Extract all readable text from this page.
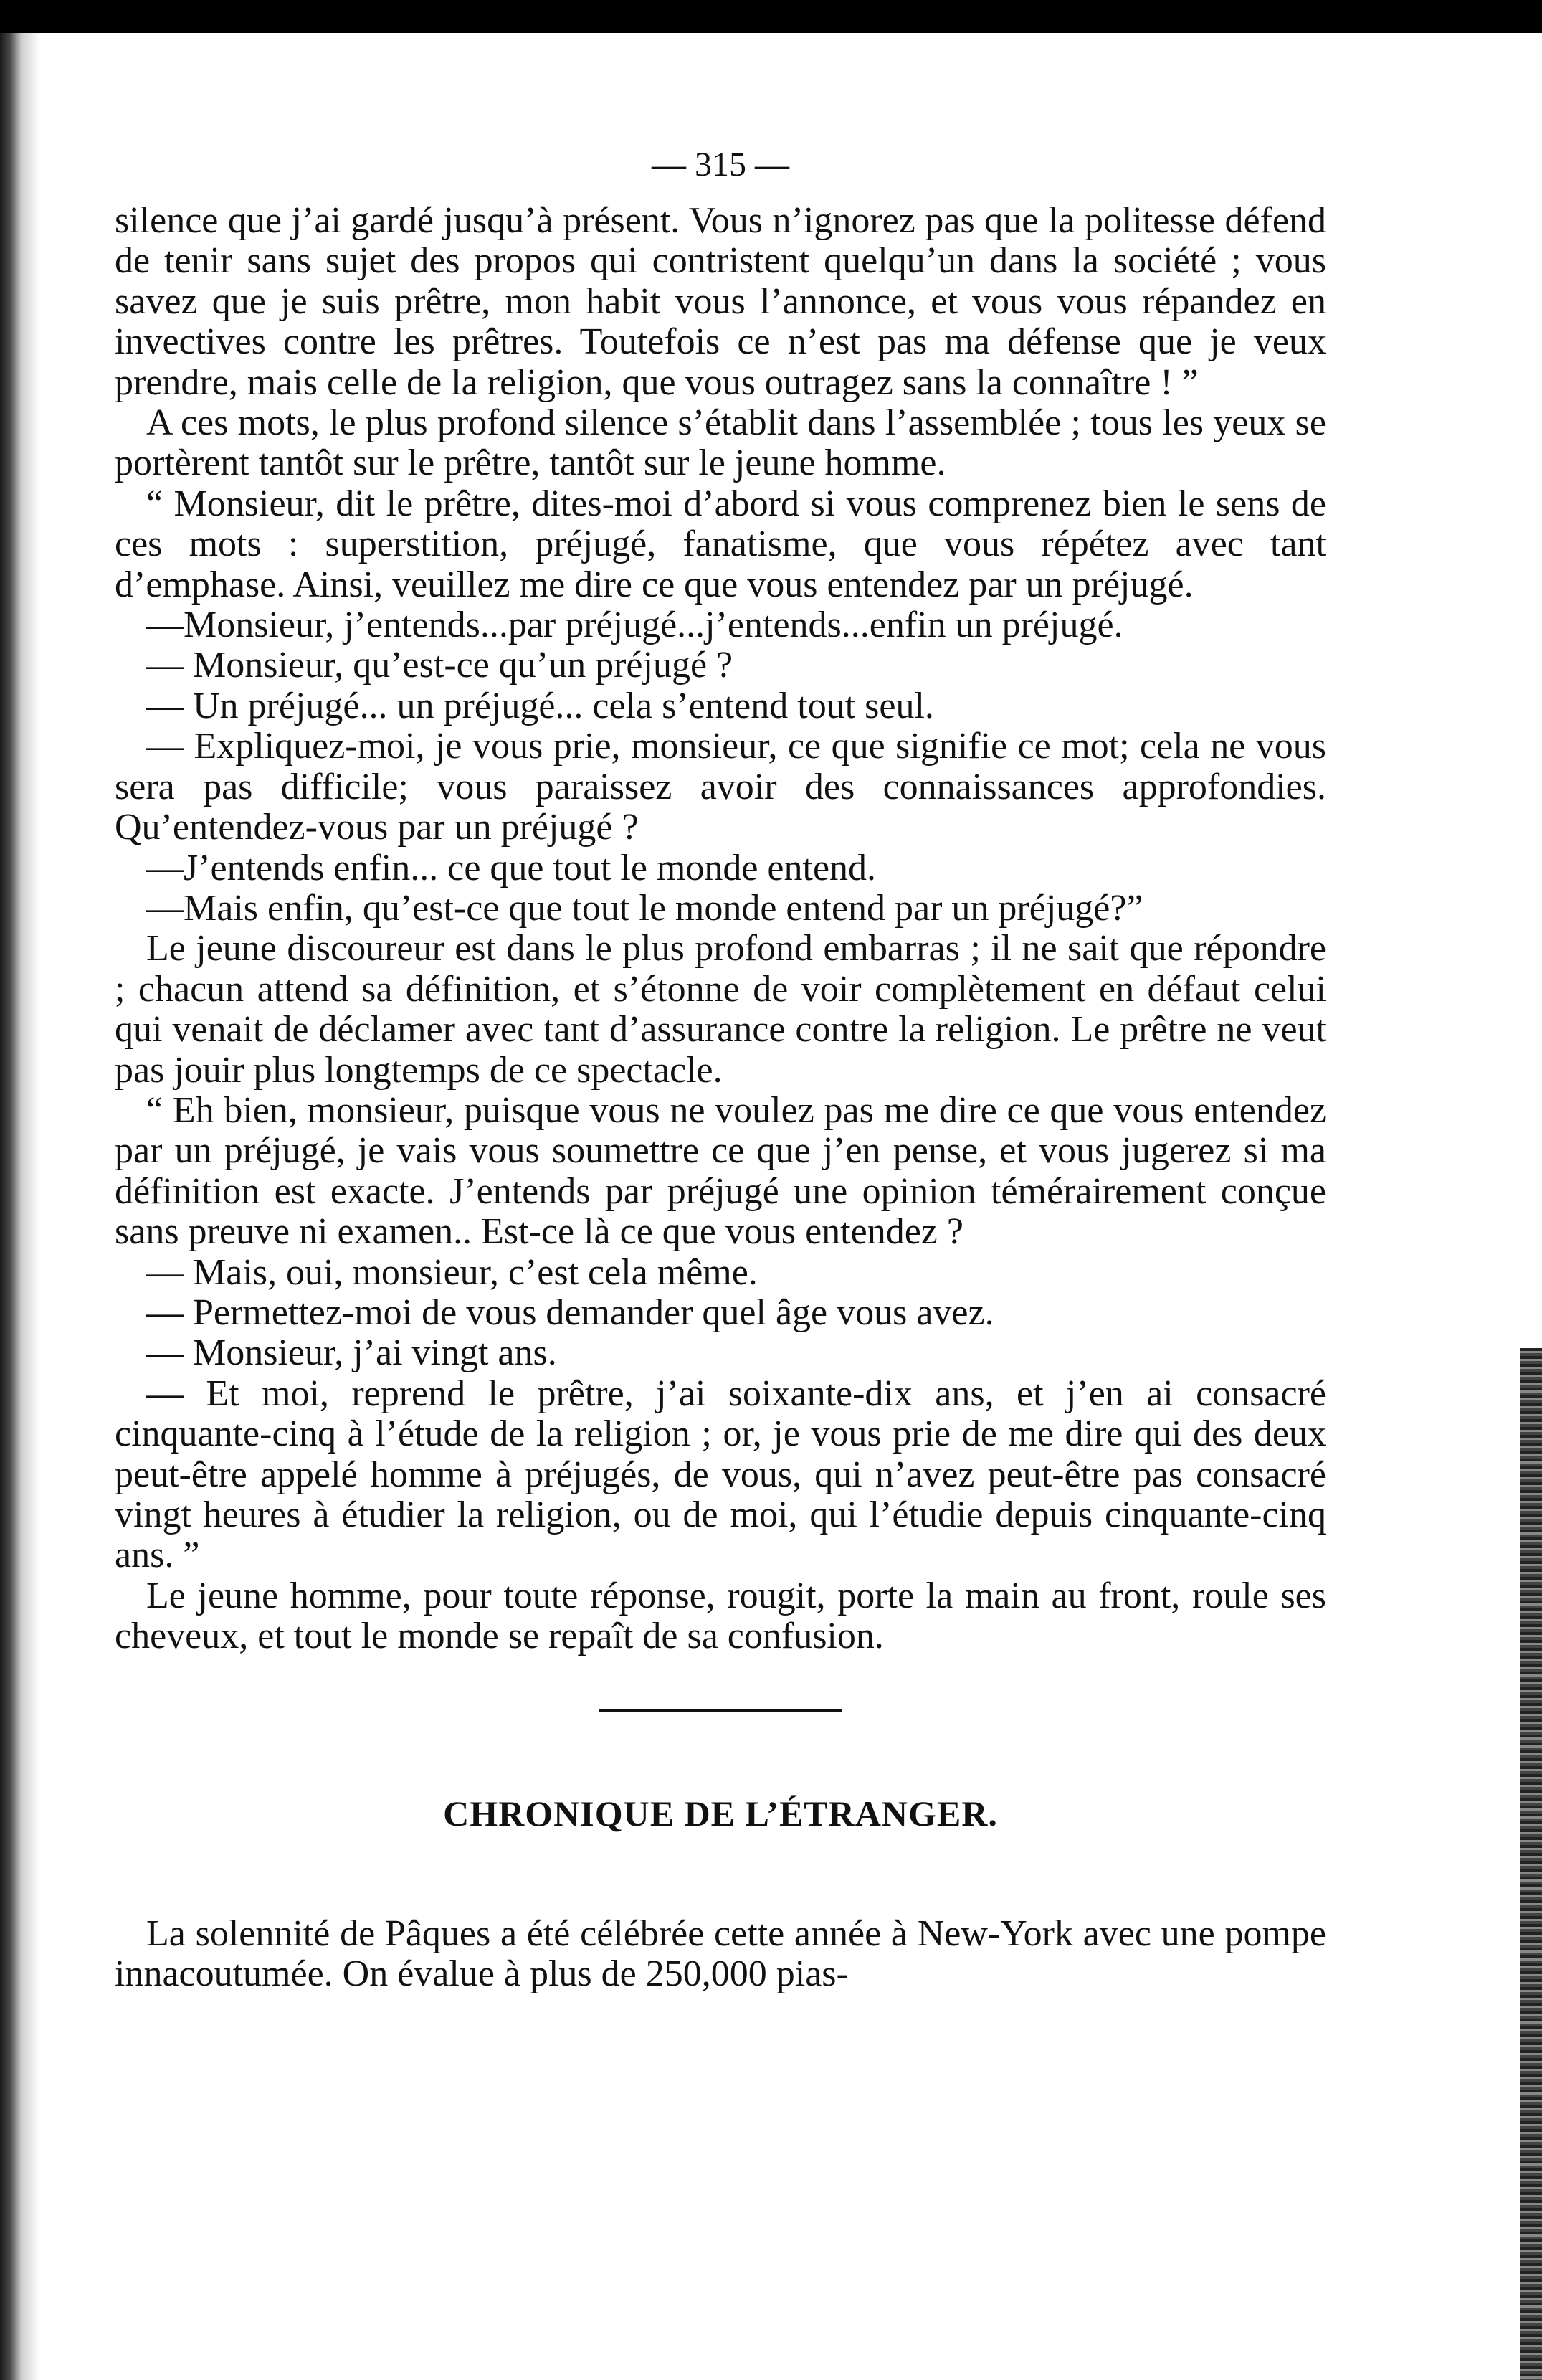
— 315 —

silence que j’ai gardé jusqu’à présent. Vous n’ignorez pas que la politesse défend de tenir sans sujet des propos qui contristent quelqu’un dans la société ; vous savez que je suis prêtre, mon habit vous l’annonce, et vous vous répandez en invectives contre les prêtres. Toutefois ce n’est pas ma défense que je veux prendre, mais celle de la religion, que vous outragez sans la connaître ! ”

A ces mots, le plus profond silence s’établit dans l’assemblée ; tous les yeux se portèrent tantôt sur le prêtre, tantôt sur le jeune homme.

“ Monsieur, dit le prêtre, dites-moi d’abord si vous comprenez bien le sens de ces mots : superstition, préjugé, fanatisme, que vous répétez avec tant d’emphase. Ainsi, veuillez me dire ce que vous entendez par un préjugé.

—Monsieur, j’entends...par préjugé...j’entends...enfin un préjugé.

— Monsieur, qu’est-ce qu’un préjugé ?

— Un préjugé... un préjugé... cela s’entend tout seul.

— Expliquez-moi, je vous prie, monsieur, ce que signifie ce mot; cela ne vous sera pas difficile; vous paraissez avoir des connaissances approfondies. Qu’entendez-vous par un préjugé ?

—J’entends enfin... ce que tout le monde entend.

—Mais enfin, qu’est-ce que tout le monde entend par un préjugé?”

Le jeune discoureur est dans le plus profond embarras ; il ne sait que répondre ; chacun attend sa définition, et s’étonne de voir complètement en défaut celui qui venait de déclamer avec tant d’assurance contre la religion. Le prêtre ne veut pas jouir plus longtemps de ce spectacle.

“ Eh bien, monsieur, puisque vous ne voulez pas me dire ce que vous entendez par un préjugé, je vais vous soumettre ce que j’en pense, et vous jugerez si ma définition est exacte. J’entends par préjugé une opinion témérairement conçue sans preuve ni examen.. Est-ce là ce que vous entendez ?

— Mais, oui, monsieur, c’est cela même.

— Permettez-moi de vous demander quel âge vous avez.

— Monsieur, j’ai vingt ans.

— Et moi, reprend le prêtre, j’ai soixante-dix ans, et j’en ai consacré cinquante-cinq à l’étude de la religion ; or, je vous prie de me dire qui des deux peut-être appelé homme à préjugés, de vous, qui n’avez peut-être pas consacré vingt heures à étudier la religion, ou de moi, qui l’étudie depuis cinquante-cinq ans. ”

Le jeune homme, pour toute réponse, rougit, porte la main au front, roule ses cheveux, et tout le monde se repaît de sa confusion.

CHRONIQUE DE L’ÉTRANGER.

La solennité de Pâques a été célébrée cette année à New-York avec une pompe innacoutumée. On évalue à plus de 250,000 pias-
